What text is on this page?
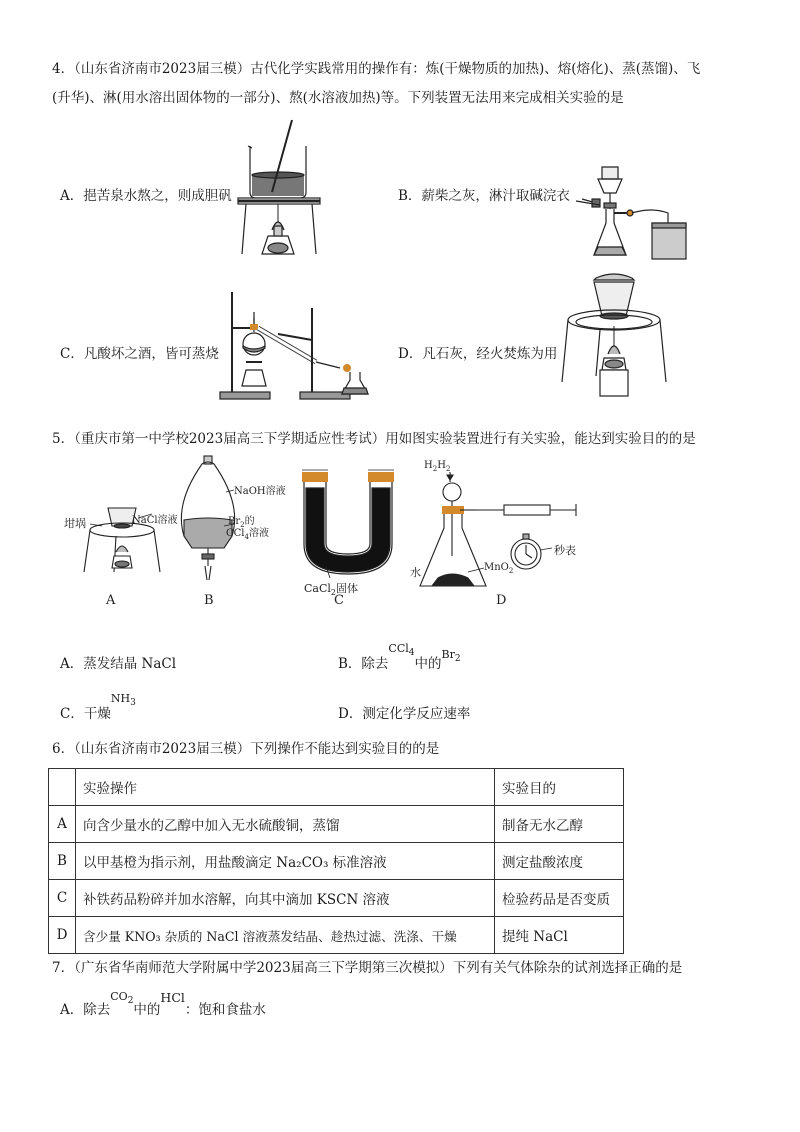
4．（山东省济南市2023届三模）古代化学实践常用的操作有：炼(干燥物质的加热)、熔(熔化)、蒸(蒸馏)、飞
(升华)、淋(用水溶出固体物的一部分)、熬(水溶液加热)等。下列装置无法用来完成相关实验的是
A．挹苦泉水熬之，则成胆矾	B．薪柴之灰，淋汁取碱浣衣
C．凡酸坏之酒，皆可蒸烧	D．凡石灰，经火焚炼为用
5．（重庆市第一中学校2023届高三下学期适应性考试）用如图实验装置进行有关实验，能达到实验目的的是
坩埚	NaCl溶液
A
NaOH溶液
$Br_2$的
CCl$_4$溶液
B
CaCl$_2$固体
C
$H_2H_2$
水	MnO$_2$
秒表
D
A．蒸发结晶 NaCl	B．除去CCl$_4$中的$_{Br_2}$
C．干燥$NH_3$
D．测定化学反应速率
6．（山东省济南市2023届三模）下列操作不能达到实验目的的是
	实验操作	实验目的
A	向含少量水的乙醇中加入无水硫酸铜，蒸馏	制备无水乙醇
B	以甲基橙为指示剂，用盐酸滴定 Na₂CO₃ 标准溶液	测定盐酸浓度
C	补铁药品粉碎并加水溶解，向其中滴加 KSCN 溶液	检验药品是否变质
D	含少量 KNO₃ 杂质的 NaCl 溶液蒸发结晶、趁热过滤、洗涤、干燥	提纯 NaCl
7．（广东省华南师范大学附属中学2023届高三下学期第三次模拟）下列有关气体除杂的试剂选择正确的是
A．除去$CO_2$中的HCl：饱和食盐水
